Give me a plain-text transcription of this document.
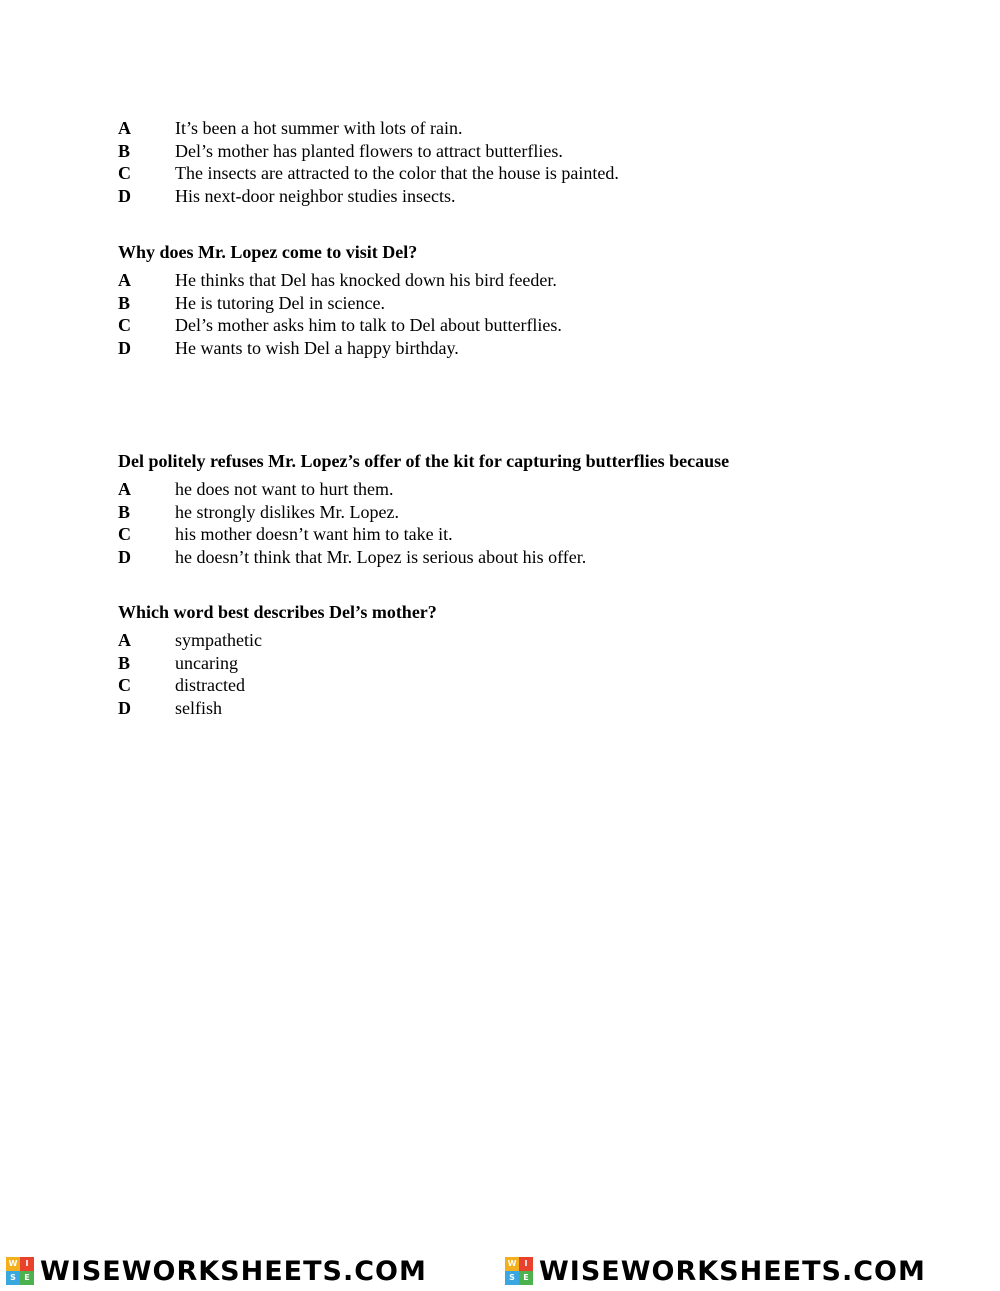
A	It’s been a hot summer with lots of rain.
B	Del’s mother has planted flowers to attract butterflies.
C	The insects are attracted to the color that the house is painted.
D	His next-door neighbor studies insects.
Why does Mr. Lopez come to visit Del?
A	He thinks that Del has knocked down his bird feeder.
B	He is tutoring Del in science.
C	Del’s mother asks him to talk to Del about butterflies.
D	He wants to wish Del a happy birthday.
Del politely refuses Mr. Lopez’s offer of the kit for capturing butterflies because
A	he does not want to hurt them.
B	he strongly dislikes Mr. Lopez.
C	his mother doesn’t want him to take it.
D	he doesn’t think that Mr. Lopez is serious about his offer.
Which word best describes Del’s mother?
A	sympathetic
B	uncaring
C	distracted
D	selfish
W	I
S	E WISEWORKSHEETS.COM	W	I
S	E WISEWORKSHEETS.COM
